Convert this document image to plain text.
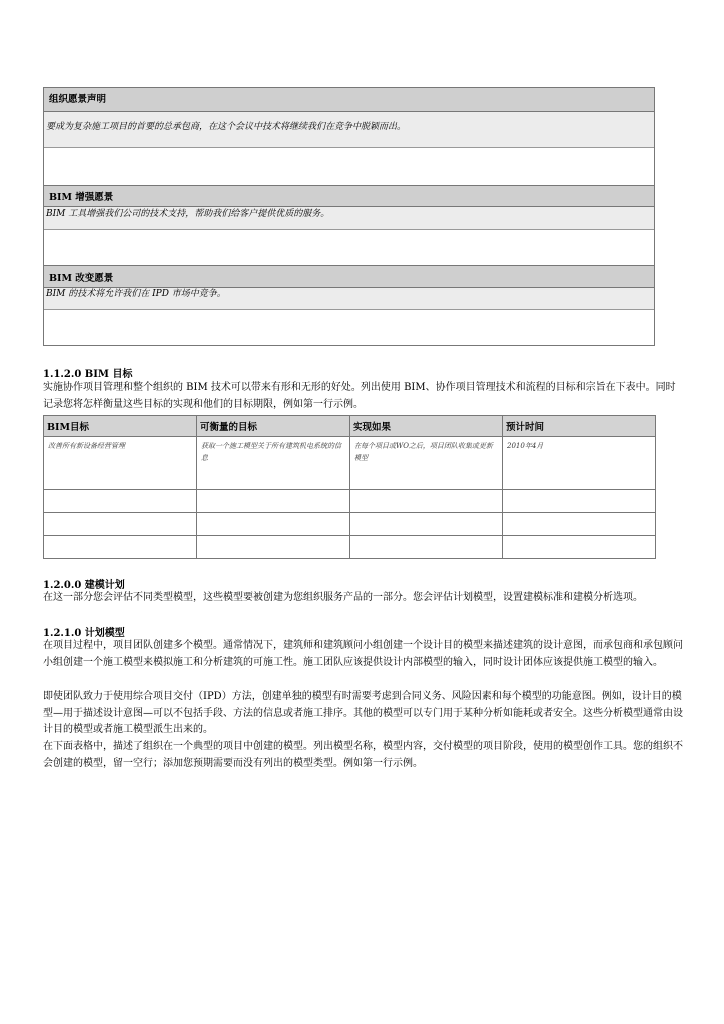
组织愿景声明
要成为复杂施工项目的首要的总承包商，在这个会议中技术将继续我们在竞争中脱颖而出。
BIM 增强愿景
BIM 工具增强我们公司的技术支持，帮助我们给客户提供优质的服务。
BIM 改变愿景
BIM 的技术将允许我们在 IPD 市场中竞争。
1.1.2.0 BIM 目标
实施协作项目管理和整个组织的 BIM 技术可以带来有形和无形的好处。列出使用 BIM、协作项目管理技术和流程的目标和宗旨在下表中。同时记录您将怎样衡量这些目标的实现和他们的目标期限，例如第一行示例。
BIM目标	可衡量的目标	实现如果	预计时间
改善所有新设备经营管理	获取一个施工模型关于所有建筑机电系统的信息	在每个项目或WO之后，项目团队收集或更新模型	2010年4月

1.2.0.0 建模计划
在这一部分您会评估不同类型模型，这些模型要被创建为您组织服务产品的一部分。您会评估计划模型，设置建模标准和建模分析选项。
1.2.1.0 计划模型
在项目过程中，项目团队创建多个模型。通常情况下，建筑师和建筑顾问小组创建一个设计目的模型来描述建筑的设计意图，而承包商和承包顾问小组创建一个施工模型来模拟施工和分析建筑的可施工性。施工团队应该提供设计内部模型的输入，同时设计团体应该提供施工模型的输入。
即使团队致力于使用综合项目交付（IPD）方法，创建单独的模型有时需要考虑到合同义务、风险因素和每个模型的功能意图。例如，设计目的模型—用于描述设计意图—可以不包括手段、方法的信息或者施工排序。其他的模型可以专门用于某种分析如能耗或者安全。这些分析模型通常由设计目的模型或者施工模型派生出来的。
在下面表格中，描述了组织在一个典型的项目中创建的模型。列出模型名称，模型内容，交付模型的项目阶段，使用的模型创作工具。您的组织不会创建的模型，留一空行；添加您预期需要而没有列出的模型类型。例如第一行示例。
